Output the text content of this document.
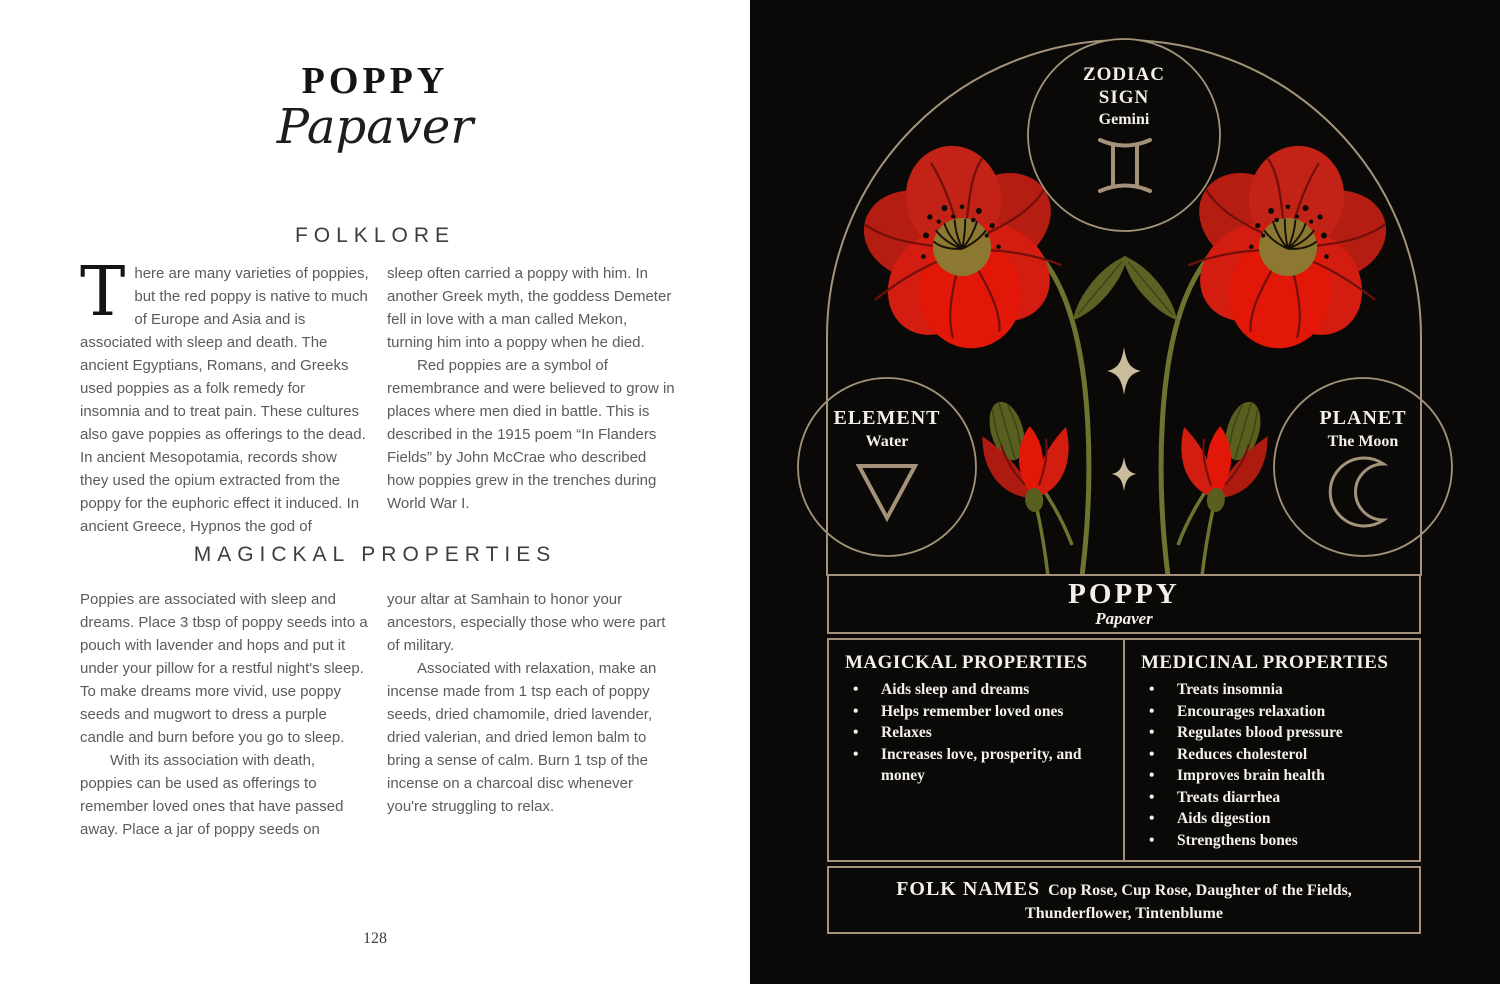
POPPY
Papaver
FOLKLORE

There are many varieties of poppies, but the red poppy is native to much of Europe and Asia and is associated with sleep and death. The ancient Egyptians, Romans, and Greeks used poppies as a folk remedy for insomnia and to treat pain. These cultures also gave poppies as offerings to the dead. In ancient Mesopotamia, records show they used the opium extracted from the poppy for the euphoric effect it induced. In ancient Greece, Hypnos the god of

sleep often carried a poppy with him. In another Greek myth, the goddess Demeter fell in love with a man called Mekon, turning him into a poppy when he died.

Red poppies are a symbol of remembrance and were believed to grow in places where men died in battle. This is described in the 1915 poem “In Flanders Fields” by John McCrae who described how poppies grew in the trenches during World War I.

MAGICKAL PROPERTIES

Poppies are associated with sleep and dreams. Place 3 tbsp of poppy seeds into a pouch with lavender and hops and put it under your pillow for a restful night's sleep. To make dreams more vivid, use poppy seeds and mugwort to dress a purple candle and burn before you go to sleep.

With its association with death, poppies can be used as offerings to remember loved ones that have passed away. Place a jar of poppy seeds on

your altar at Samhain to honor your ancestors, especially those who were part of military.

Associated with relaxation, make an incense made from 1 tsp each of poppy seeds, dried chamomile, dried lavender, dried valerian, and dried lemon balm to bring a sense of calm. Burn 1 tsp of the incense on a charcoal disc whenever you're struggling to relax.

128
ZODIAC
SIGN
Gemini
ELEMENT
Water
PLANET
The Moon
POPPY
Papaver

MAGICKAL PROPERTIES

• Aids sleep and dreams
• Helps remember loved ones
• Relaxes
• Increases love, prosperity, and money

MEDICINAL PROPERTIES

• Treats insomnia
• Encourages relaxation
• Regulates blood pressure
• Reduces cholesterol
• Improves brain health
• Treats diarrhea
• Aids digestion
• Strengthens bones
FOLK NAMES Cop Rose, Cup Rose, Daughter of the Fields, Thunderflower, Tintenblume
